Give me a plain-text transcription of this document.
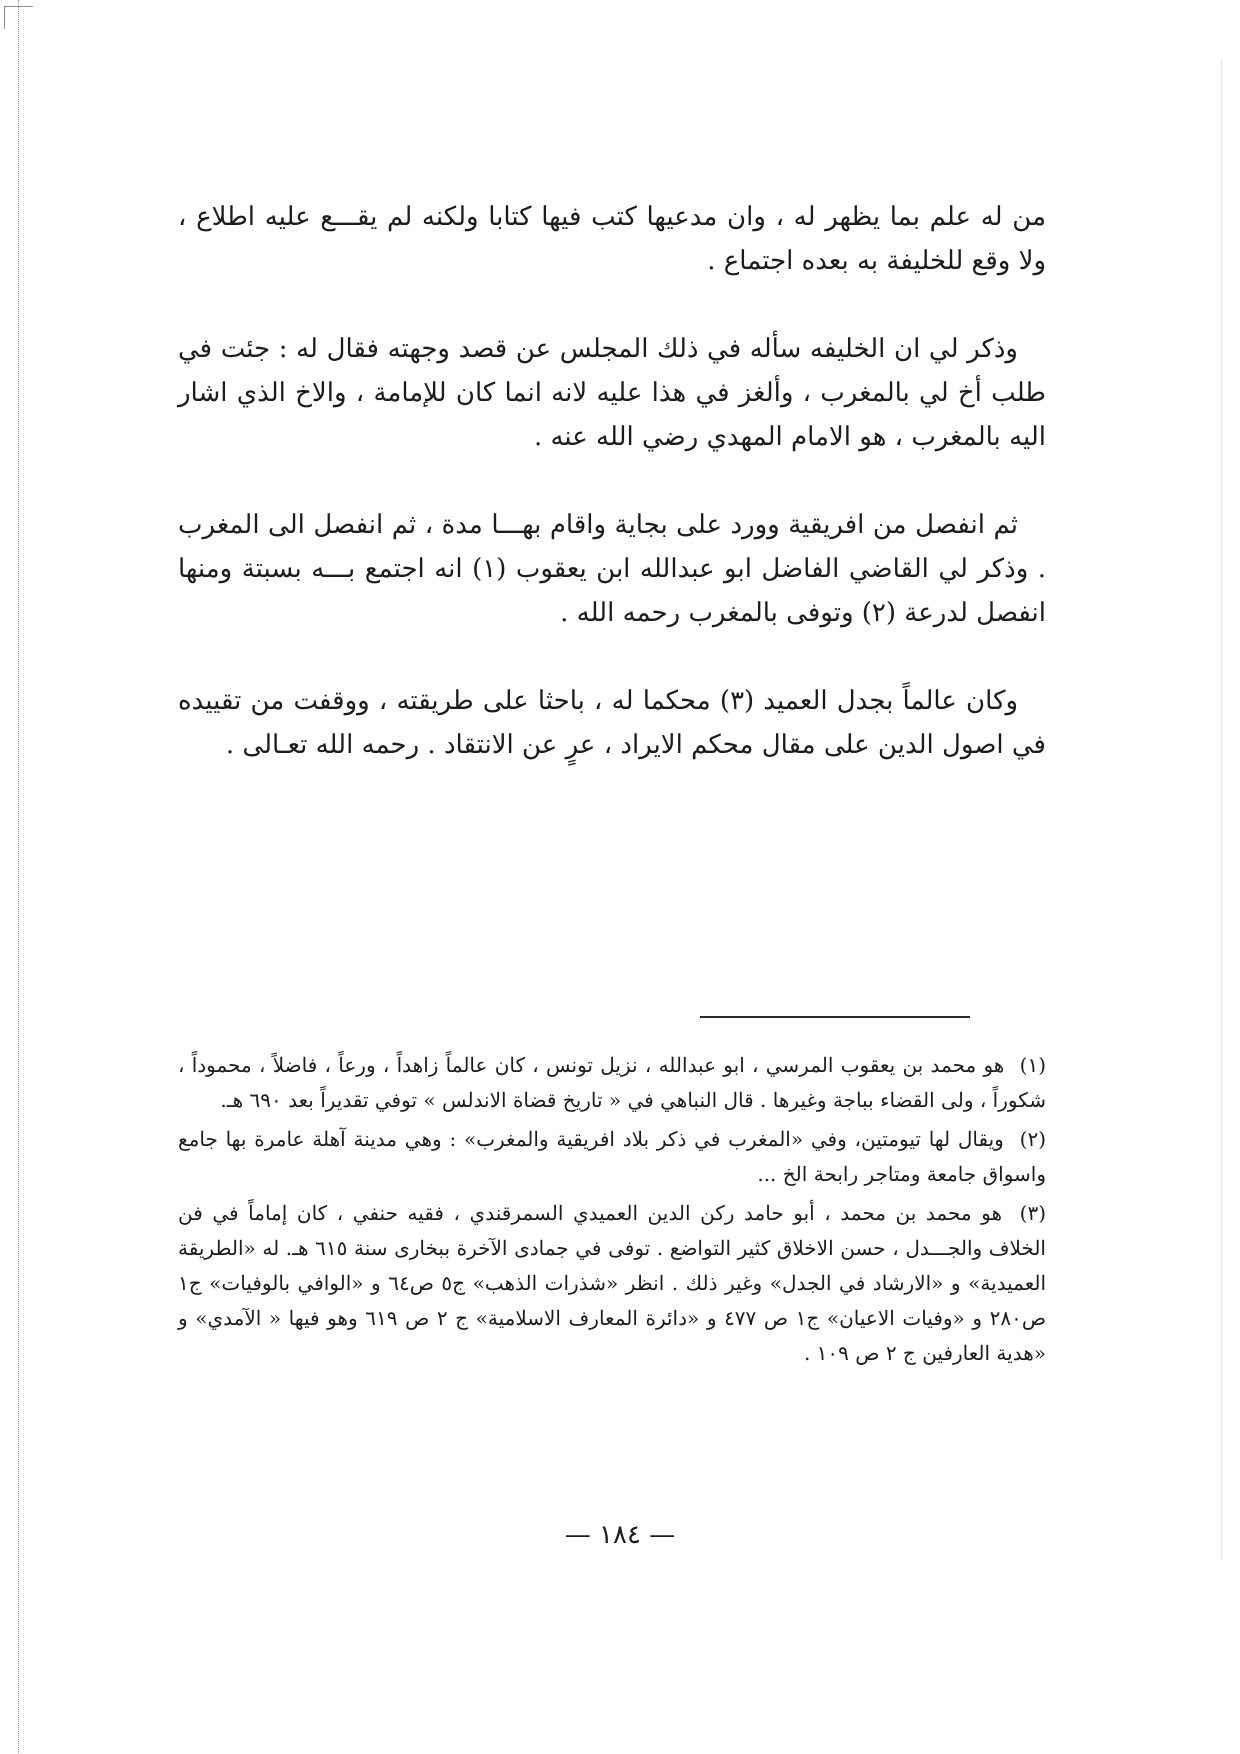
من له علم بما يظهر له ، وان مدعيها كتب فيها كتابا ولكنه لم يقـــع عليه اطلاع ، ولا وقع للخليفة به بعده اجتماع .

وذكر لي ان الخليفه سأله في ذلك المجلس عن قصد وجهته فقال له : جئت في طلب أخ لي بالمغرب ، وألغز في هذا عليه لانه انما كان للإمامة ، والاخ الذي اشار اليه بالمغرب ، هو الامام المهدي رضي الله عنه .

ثم انفصل من افريقية وورد على بجاية واقام بهـــا مدة ، ثم انفصل الى المغرب . وذكر لي القاضي الفاضل ابو عبدالله ابن يعقوب (١) انه اجتمع بـــه بسبتة ومنها انفصل لدرعة (٢) وتوفى بالمغرب رحمه الله .

وكان عالماً بجدل العميد (٣) محكما له ، باحثا على طريقته ، ووقفت من تقييده في اصول الدين على مقال محكم الايراد ، عرٍ عن الانتقاد . رحمه الله تعـالى .

(١) هو محمد بن يعقوب المرسي ، ابو عبدالله ، نزيل تونس ، كان عالماً زاهداً ، ورعاً ، فاضلاً ، محموداً ، شكوراً ، ولى القضاء بباجة وغيرها . قال النباهي في « تاريخ قضاة الاندلس » توفي تقديراً بعد ٦٩٠ هـ.
(٢) ويقال لها تيومتين، وفي «المغرب في ذكر بلاد افريقية والمغرب» : وهي مدينة آهلة عامرة بها جامع واسواق جامعة ومتاجر رابحة الخ ...
(٣) هو محمد بن محمد ، أبو حامد ركن الدين العميدي السمرقندي ، فقيه حنفي ، كان إماماً في فن الخلاف والجـــدل ، حسن الاخلاق كثير التواضع . توفى في جمادى الآخرة ببخارى سنة ٦١٥ هـ. له «الطريقة العميدية» و «الارشاد في الجدل» وغير ذلك . انظر «شذرات الذهب» ج٥ ص٦٤ و «الوافي بالوفيات» ج١ ص٢٨٠ و «وفيات الاعيان» ج١ ص ٤٧٧ و «دائرة المعارف الاسلامية» ج ٢ ص ٦١٩ وهو فيها « الآمدي» و «هدية العارفين ج ٢ ص ١٠٩ .
— ١٨٤ —
